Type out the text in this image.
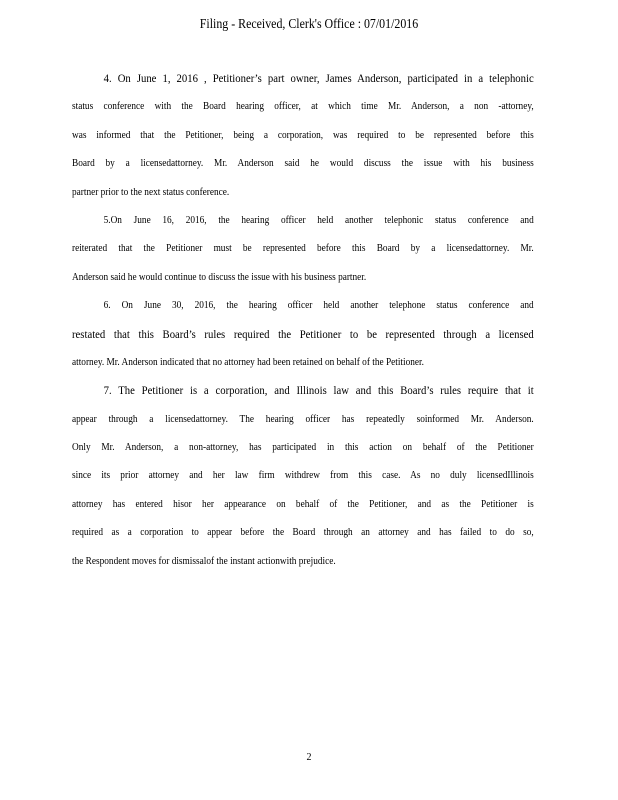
Filing - Received, Clerk's Office : 07/01/2016
4. On June 1, 2016 , Petitioner’s part owner, James Anderson, participated in a telephonic
status conference with the Board hearing officer, at which time Mr. Anderson, a non -attorney,
was informed that the Petitioner, being a corporation, was required to be represented before this
Board by a licensedattorney. Mr. Anderson said he would discuss the issue with his business
partner prior to the next status conference.
5.On June 16, 2016, the hearing officer held another telephonic status conference and
reiterated that the Petitioner must be represented before this Board by a licensedattorney. Mr.
Anderson said he would continue to discuss the issue with his business partner.
6. On June 30, 2016, the hearing officer held another telephone status conference and
restated that this Board’s rules required the Petitioner to be represented through a licensed
attorney. Mr. Anderson indicated that no attorney had been retained on behalf of the Petitioner.
7. The Petitioner is a corporation, and Illinois law and this Board’s rules require that it
appear through a licensedattorney. The hearing officer has repeatedly soinformed Mr. Anderson.
Only Mr. Anderson, a non-attorney, has participated in this action on behalf of the Petitioner
since its prior attorney and her law firm withdrew from this case. As no duly licensedIllinois
attorney has entered hisor her appearance on behalf of the Petitioner, and as the Petitioner is
required as a corporation to appear before the Board through an attorney and has failed to do so,
the Respondent moves for dismissalof the instant actionwith prejudice.
2
